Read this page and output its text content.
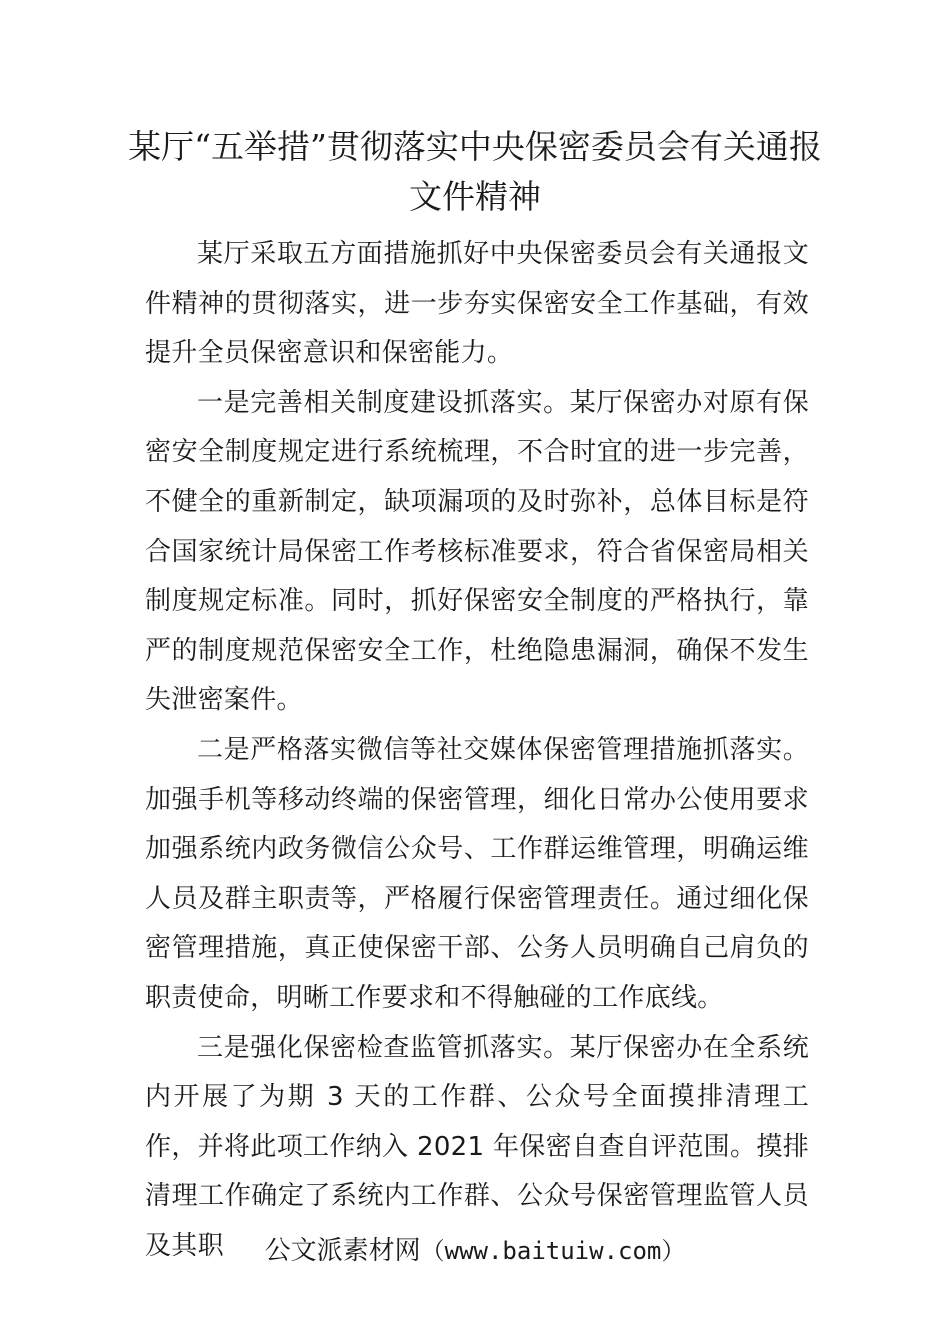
某厅“五举措”贯彻落实中央保密委员会有关通报文件精神

某厅采取五方面措施抓好中央保密委员会有关通报文件精神的贯彻落实，进一步夯实保密安全工作基础，有效提升全员保密意识和保密能力。

一是完善相关制度建设抓落实。某厅保密办对原有保密安全制度规定进行系统梳理，不合时宜的进一步完善，不健全的重新制定，缺项漏项的及时弥补，总体目标是符合国家统计局保密工作考核标准要求，符合省保密局相关制度规定标准。同时，抓好保密安全制度的严格执行，靠严的制度规范保密安全工作，杜绝隐患漏洞，确保不发生失泄密案件。

二是严格落实微信等社交媒体保密管理措施抓落实。加强手机等移动终端的保密管理，细化日常办公使用要求加强系统内政务微信公众号、工作群运维管理，明确运维人员及群主职责等，严格履行保密管理责任。通过细化保密管理措施，真正使保密干部、公务人员明确自己肩负的职责使命，明晰工作要求和不得触碰的工作底线。

三是强化保密检查监管抓落实。某厅保密办在全系统内开展了为期 3 天的工作群、公众号全面摸排清理工作，并将此项工作纳入 2021 年保密自查自评范围。摸排清理工作确定了系统内工作群、公众号保密管理监管人员及其职	公文派素材网（www.baituiw.com）
